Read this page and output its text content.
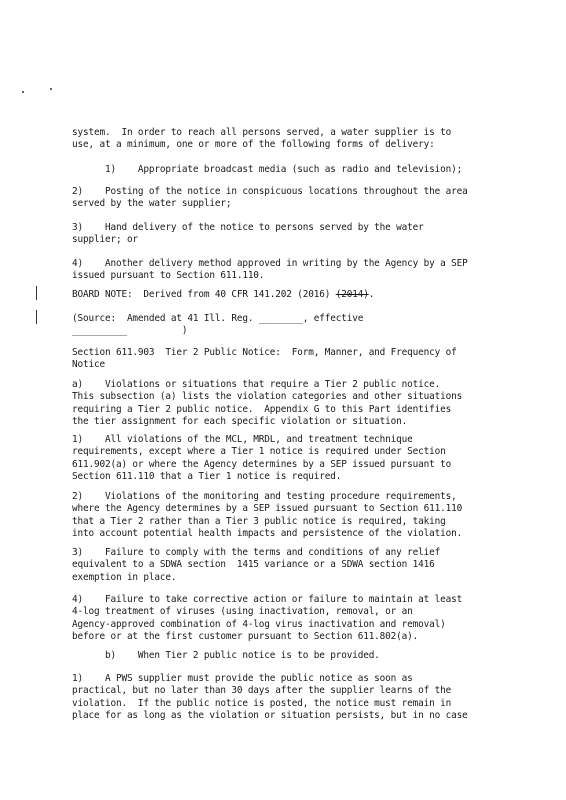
system.  In order to reach all persons served, a water supplier is to
use, at a minimum, one or more of the following forms of delivery:
1)    Appropriate broadcast media (such as radio and television);
2)    Posting of the notice in conspicuous locations throughout the area
served by the water supplier;
3)    Hand delivery of the notice to persons served by the water
supplier; or
4)    Another delivery method approved in writing by the Agency by a SEP
issued pursuant to Section 611.110.
BOARD NOTE:  Derived from 40 CFR 141.202 (2016) (2014).
(Source:  Amended at 41 Ill. Reg. ________, effective
__________          )
Section 611.903  Tier 2 Public Notice:  Form, Manner, and Frequency of
Notice
a)    Violations or situations that require a Tier 2 public notice.
This subsection (a) lists the violation categories and other situations
requiring a Tier 2 public notice.  Appendix G to this Part identifies
the tier assignment for each specific violation or situation.
1)    All violations of the MCL, MRDL, and treatment technique
requirements, except where a Tier 1 notice is required under Section
611.902(a) or where the Agency determines by a SEP issued pursuant to
Section 611.110 that a Tier 1 notice is required.
2)    Violations of the monitoring and testing procedure requirements,
where the Agency determines by a SEP issued pursuant to Section 611.110
that a Tier 2 rather than a Tier 3 public notice is required, taking
into account potential health impacts and persistence of the violation.
3)    Failure to comply with the terms and conditions of any relief
equivalent to a SDWA section  1415 variance or a SDWA section 1416
exemption in place.
4)    Failure to take corrective action or failure to maintain at least
4-log treatment of viruses (using inactivation, removal, or an
Agency-approved combination of 4-log virus inactivation and removal)
before or at the first customer pursuant to Section 611.802(a).
b)    When Tier 2 public notice is to be provided.
1)    A PWS supplier must provide the public notice as soon as
practical, but no later than 30 days after the supplier learns of the
violation.  If the public notice is posted, the notice must remain in
place for as long as the violation or situation persists, but in no case
